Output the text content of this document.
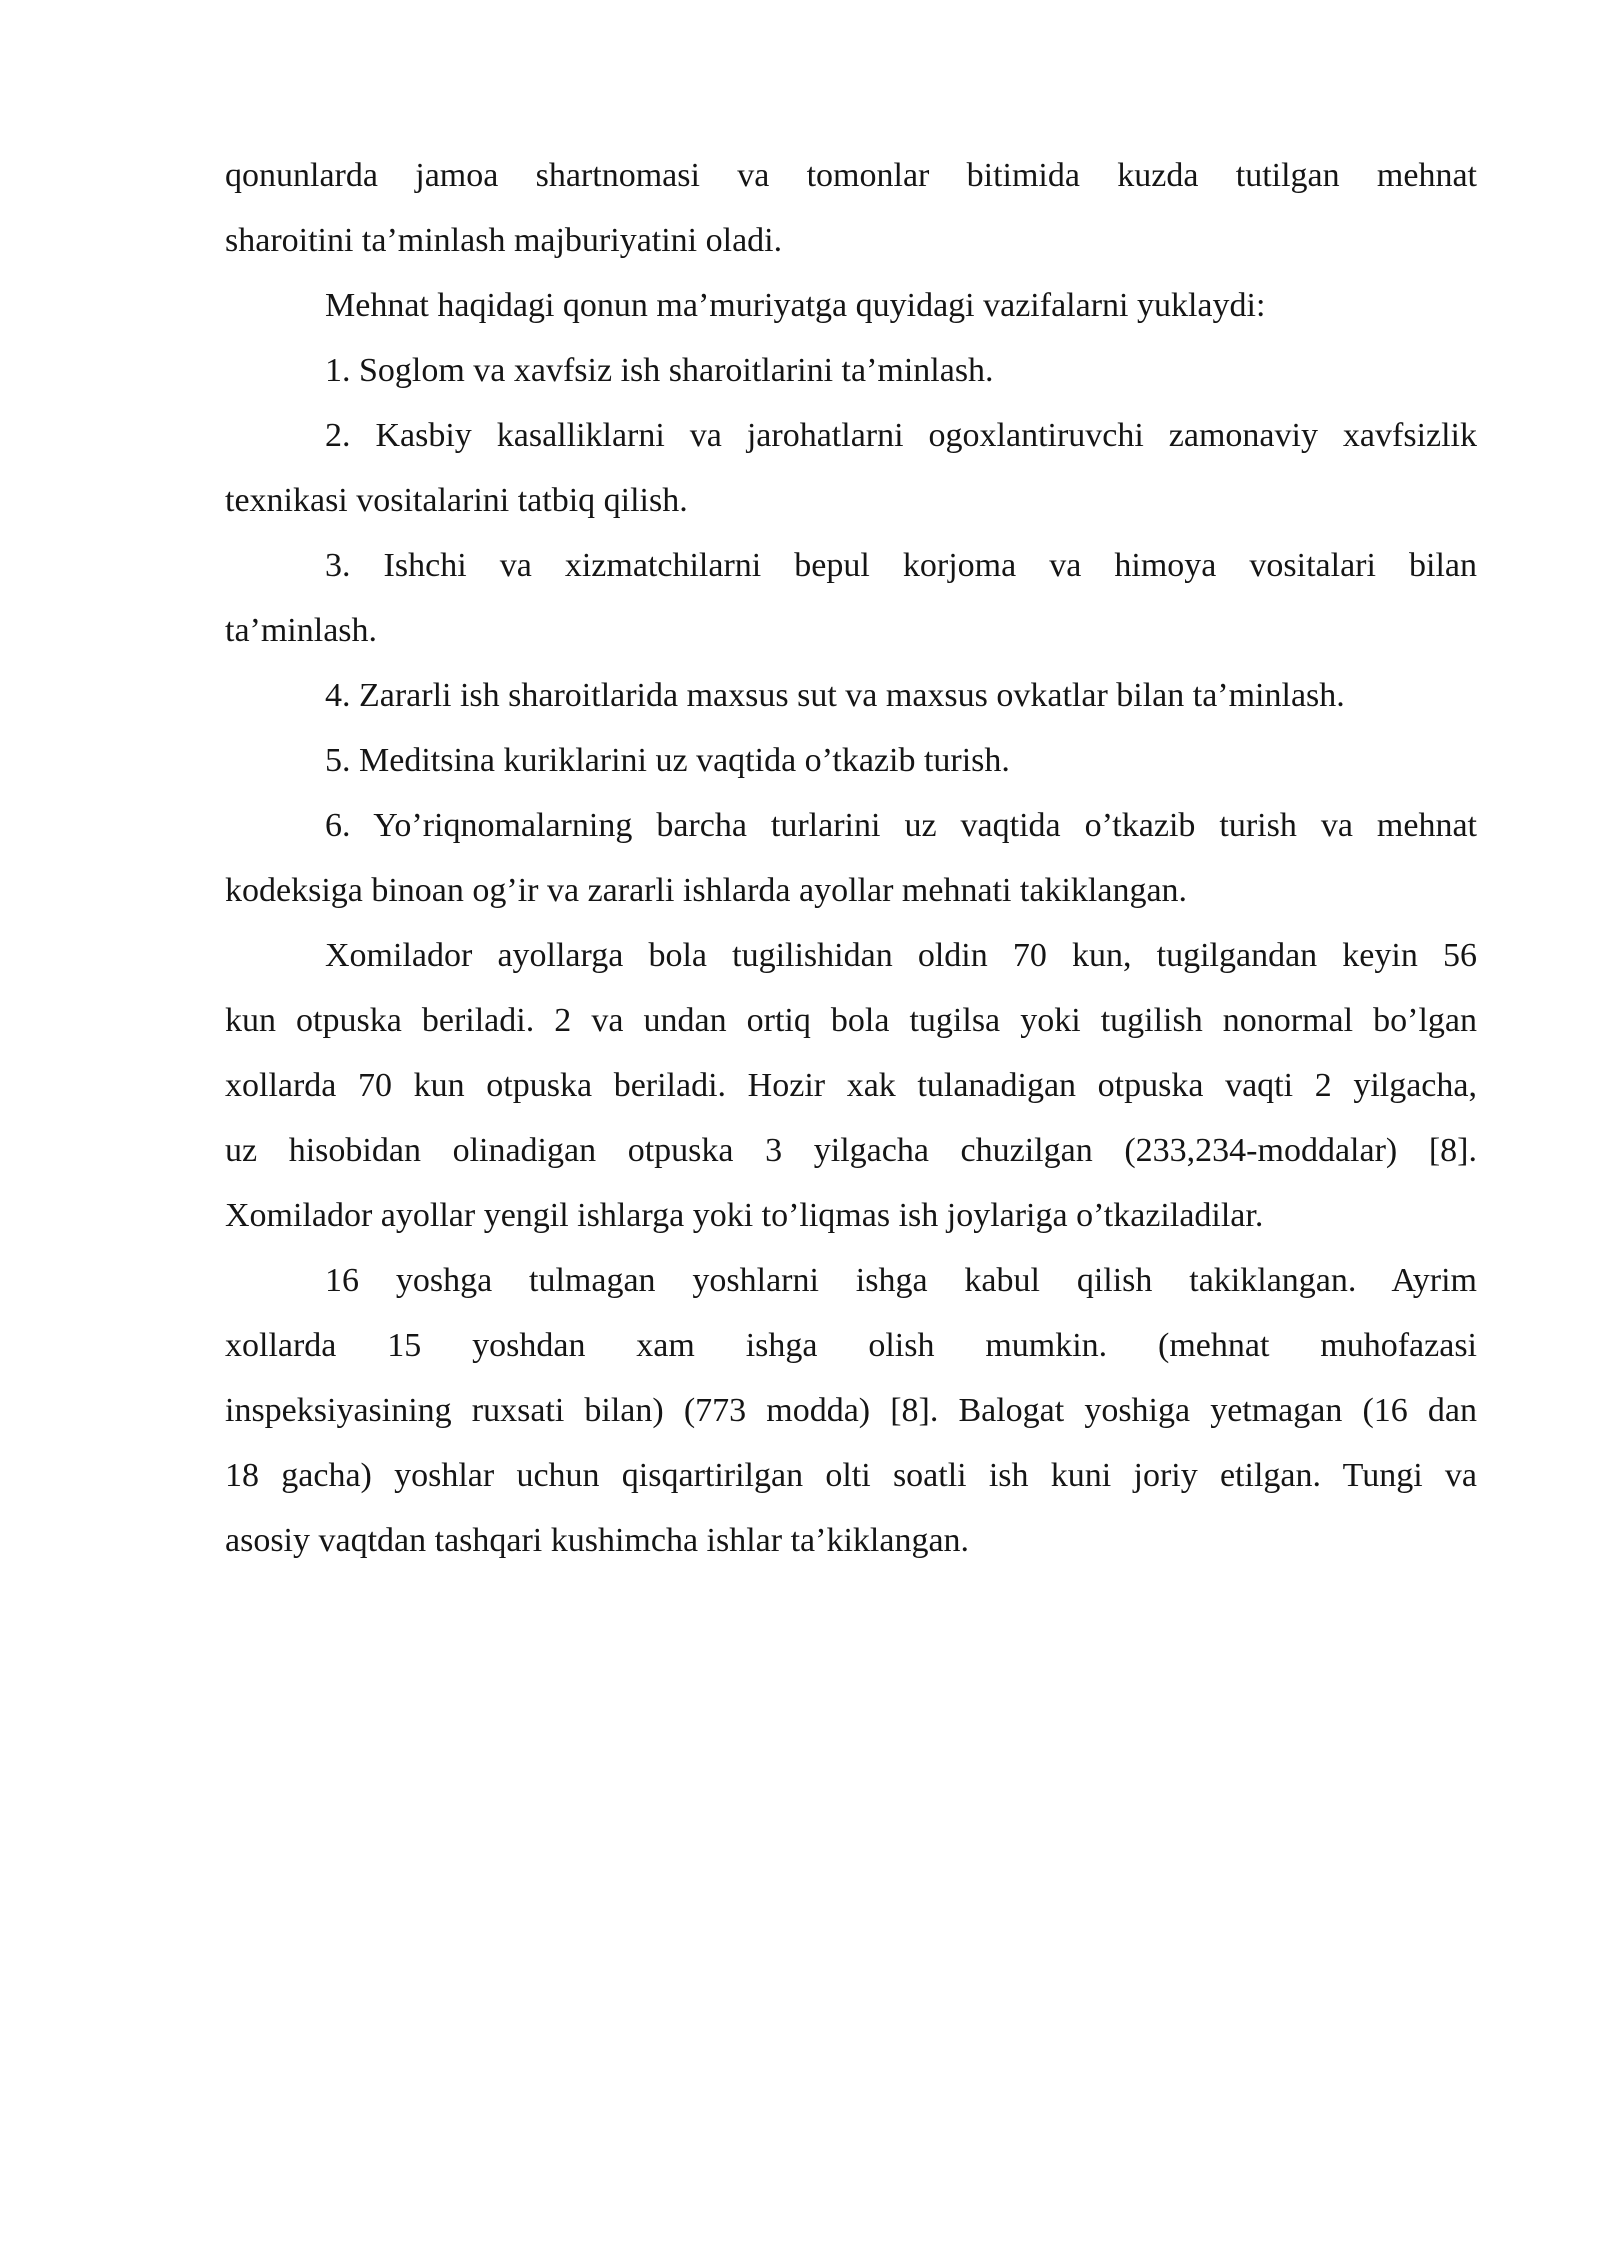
qonunlarda jamoa shartnomasi va tomonlar bitimida kuzda tutilgan mehnat
sharoitini ta’minlash majburiyatini oladi.
Mehnat haqidagi qonun ma’muriyatga quyidagi vazifalarni yuklaydi:
1. Soglom va xavfsiz ish sharoitlarini ta’minlash.
2. Kasbiy kasalliklarni va jarohatlarni ogoxlantiruvchi zamonaviy xavfsizlik
texnikasi vositalarini tatbiq qilish.
3. Ishchi va xizmatchilarni bepul korjoma va himoya vositalari bilan
ta’minlash.
4. Zararli ish sharoitlarida maxsus sut va maxsus ovkatlar bilan ta’minlash.
5. Meditsina kuriklarini uz vaqtida o’tkazib turish.
6. Yo’riqnomalarning barcha turlarini uz vaqtida o’tkazib turish va mehnat
kodeksiga binoan og’ir va zararli ishlarda ayollar mehnati takiklangan.
Xomilador ayollarga bola tugilishidan oldin 70 kun, tugilgandan keyin 56
kun otpuska beriladi. 2 va undan ortiq bola tugilsa yoki tugilish nonormal bo’lgan
xollarda 70 kun otpuska beriladi. Hozir xak tulanadigan otpuska vaqti 2 yilgacha,
uz hisobidan olinadigan otpuska 3 yilgacha chuzilgan (233,234-moddalar) [8].
Xomilador ayollar yengil ishlarga yoki to’liqmas ish joylariga o’tkaziladilar.
16 yoshga tulmagan yoshlarni ishga kabul qilish takiklangan. Ayrim
xollarda 15 yoshdan xam ishga olish mumkin. (mehnat muhofazasi
inspeksiyasining ruxsati bilan) (773 modda) [8]. Balogat yoshiga yetmagan (16 dan
18 gacha) yoshlar uchun qisqartirilgan olti soatli ish kuni joriy etilgan. Tungi va
asosiy vaqtdan tashqari kushimcha ishlar ta’kiklangan.
